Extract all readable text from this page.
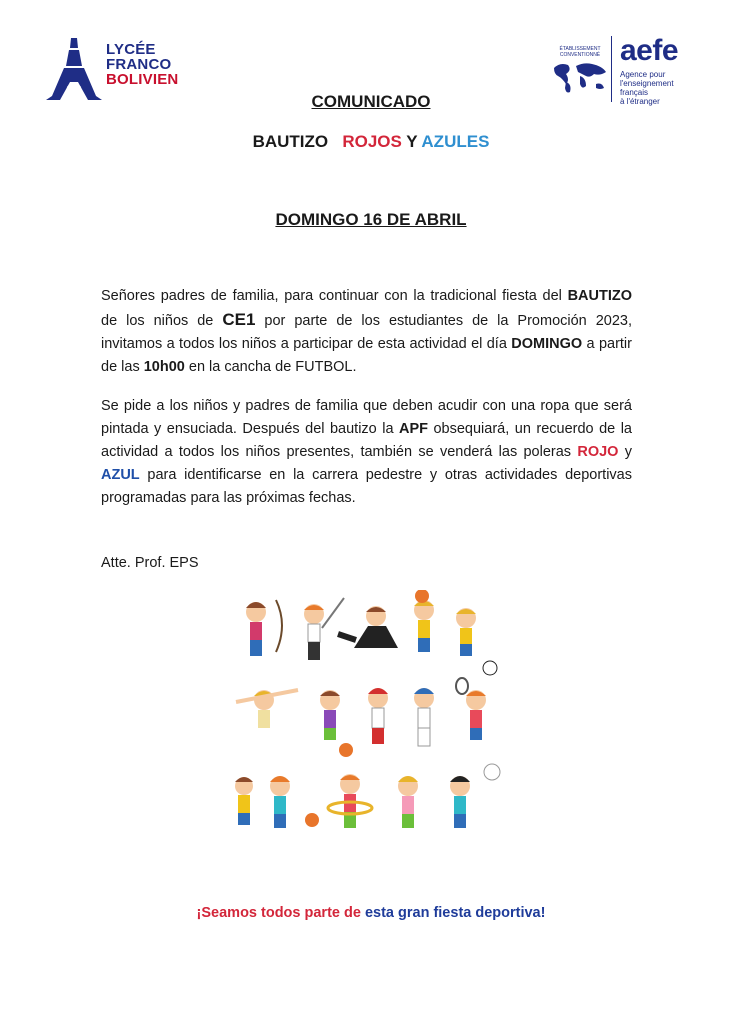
LYCÉE
FRANCO
BOLIVIEN
ÉTABLISSEMENT
CONVENTIONNÉ aefe
Agence pour
l'enseignement français
à l'étranger
COMUNICADO
BAUTIZO ROJOS Y AZULES
DOMINGO 16 DE ABRIL
Señores padres de familia, para continuar con la tradicional fiesta del BAUTIZO de los niños de CE1 por parte de los estudiantes de la Promoción 2023, invitamos a todos los niños a participar de esta actividad el día DOMINGO a partir de las 10h00 en la cancha de FUTBOL.
Se pide a los niños y padres de familia que deben acudir con una ropa que será pintada y ensuciada. Después del bautizo la APF obsequiará, un recuerdo de la actividad a todos los niños presentes, también se venderá las poleras ROJO y AZUL para identificarse en la carrera pedestre y otras actividades deportivas programadas para las próximas fechas.
Atte. Prof. EPS
¡Seamos todos parte de esta gran fiesta deportiva!
